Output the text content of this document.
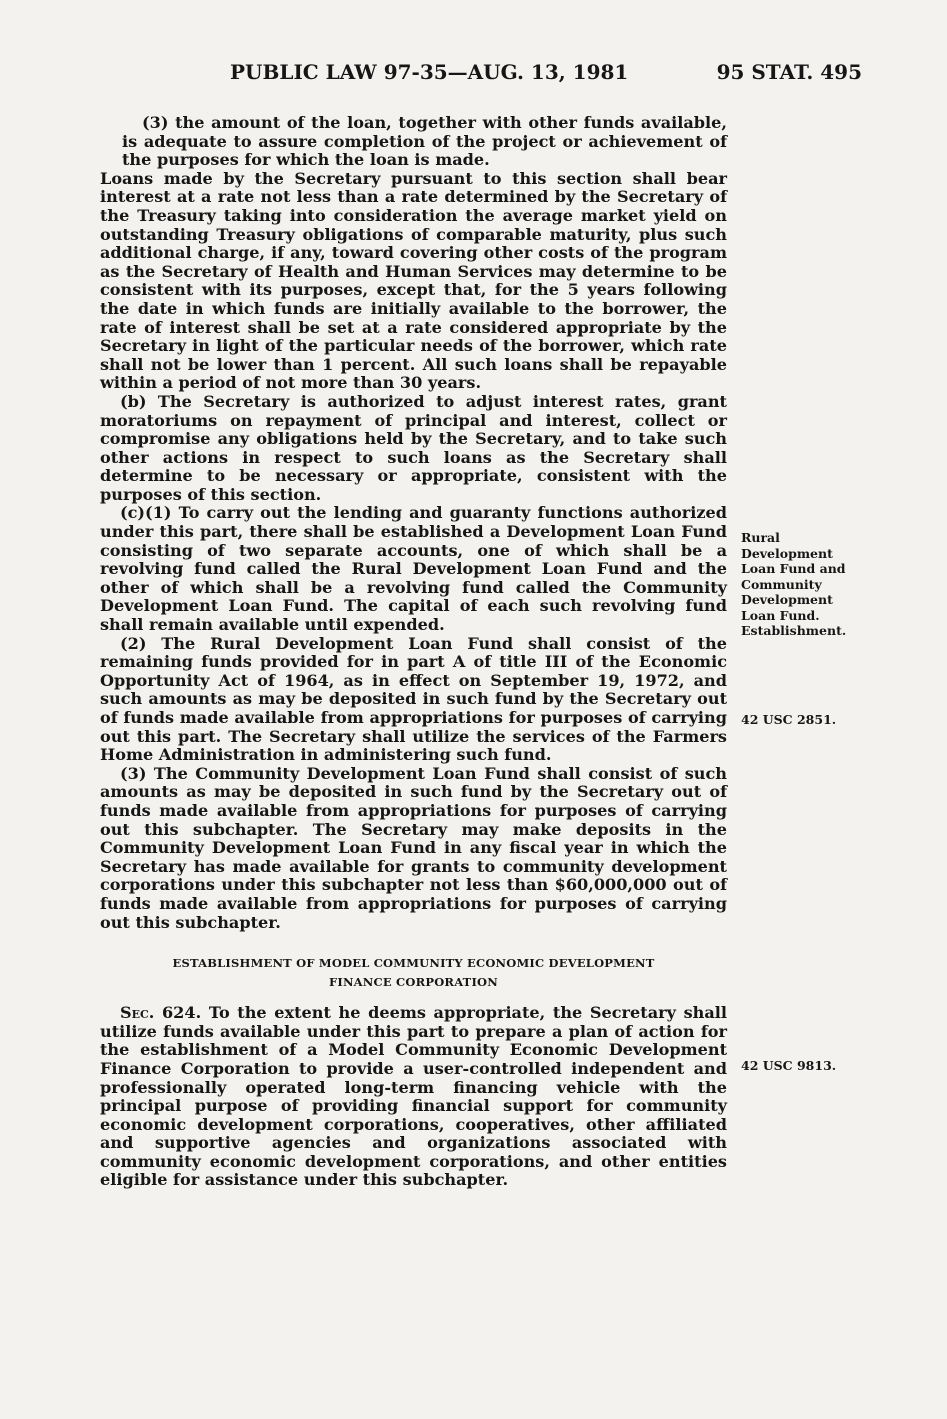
PUBLIC LAW 97-35—AUG. 13, 1981	95 STAT. 495

(3) the amount of the loan, together with other funds available, is adequate to assure completion of the project or achievement of the purposes for which the loan is made.

Loans made by the Secretary pursuant to this section shall bear interest at a rate not less than a rate determined by the Secretary of the Treasury taking into consideration the average market yield on outstanding Treasury obligations of comparable maturity, plus such additional charge, if any, toward covering other costs of the program as the Secretary of Health and Human Services may determine to be consistent with its purposes, except that, for the 5 years following the date in which funds are initially available to the borrower, the rate of interest shall be set at a rate considered appropriate by the Secretary in light of the particular needs of the borrower, which rate shall not be lower than 1 percent. All such loans shall be repayable within a period of not more than 30 years.

(b) The Secretary is authorized to adjust interest rates, grant moratoriums on repayment of principal and interest, collect or compromise any obligations held by the Secretary, and to take such other actions in respect to such loans as the Secretary shall determine to be necessary or appropriate, consistent with the purposes of this section.

(c)(1) To carry out the lending and guaranty functions authorized under this part, there shall be established a Development Loan Fund consisting of two separate accounts, one of which shall be a revolving fund called the Rural Development Loan Fund and the other of which shall be a revolving fund called the Community Development Loan Fund. The capital of each such revolving fund shall remain available until expended.

(2) The Rural Development Loan Fund shall consist of the remaining funds provided for in part A of title III of the Economic Opportunity Act of 1964, as in effect on September 19, 1972, and such amounts as may be deposited in such fund by the Secretary out of funds made available from appropriations for purposes of carrying out this part. The Secretary shall utilize the services of the Farmers Home Administration in administering such fund.

(3) The Community Development Loan Fund shall consist of such amounts as may be deposited in such fund by the Secretary out of funds made available from appropriations for purposes of carrying out this subchapter. The Secretary may make deposits in the Community Development Loan Fund in any fiscal year in which the Secretary has made available for grants to community development corporations under this subchapter not less than $60,000,000 out of funds made available from appropriations for purposes of carrying out this subchapter.

ESTABLISHMENT OF MODEL COMMUNITY ECONOMIC DEVELOPMENT
FINANCE CORPORATION

Sec. 624. To the extent he deems appropriate, the Secretary shall utilize funds available under this part to prepare a plan of action for the establishment of a Model Community Economic Development Finance Corporation to provide a user-controlled independent and professionally operated long-term financing vehicle with the principal purpose of providing financial support for community economic development corporations, cooperatives, other affiliated and supportive agencies and organizations associated with community economic development corporations, and other entities eligible for assistance under this subchapter.

Rural
Development
Loan Fund and
Community
Development
Loan Fund.
Establishment.
42 USC 2851.
42 USC 9813.
